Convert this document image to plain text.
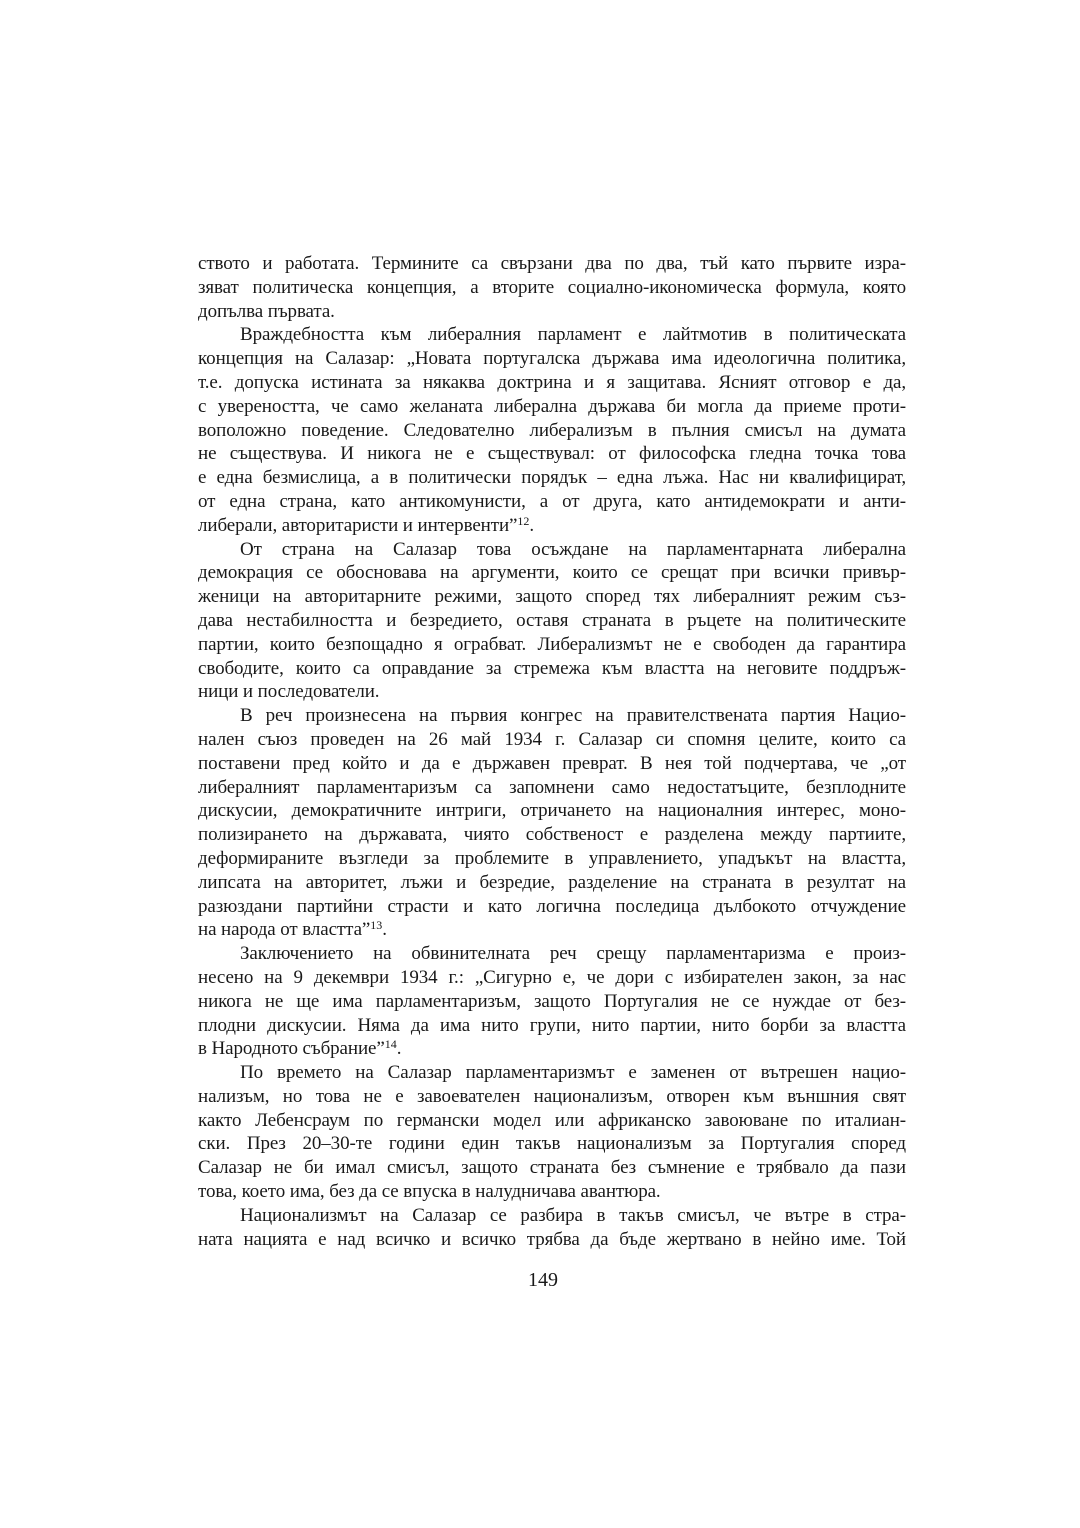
ството и работата. Термините са свързани два по два, тъй като първите изра-
зяват политическа концепция, а вторите социално-икономическа формула, която
допълва първата.
Враждебността към либералния парламент е лайтмотив в политическата
концепция на Салазар: „Новата португалска държава има идеологична политика,
т.е. допуска истината за някаква доктрина и я защитава. Ясният отговор е да,
с увереността, че само желаната либерална държава би могла да приеме проти-
воположно поведение. Следователно либерализъм в пълния смисъл на думата
не съществува. И никога не е съществувал: от философска гледна точка това
е една безмислица, а в политически порядък – една лъжа. Нас ни квалифицират,
от една страна, като антикомунисти, а от друга, като антидемократи и анти-
либерали, авторитаристи и интервенти”$^{12}$.
От страна на Салазар това осъждане на парламентарната либерална
демокрация се обосновава на аргументи, които се срещат при всички привър-
женици на авторитарните режими, защото според тях либералният режим съз-
дава нестабилността и безредието, оставя страната в ръцете на политическите
партии, които безпощадно я ограбват. Либерализмът не е свободен да гарантира
свободите, които са оправдание за стремежа към властта на неговите поддръж-
ници и последователи.
В реч произнесена на първия конгрес на правителствената партия Нацио-
нален съюз проведен на 26 май 1934 г. Салазар си спомня целите, които са
поставени пред който и да е държавен преврат. В нея той подчертава, че „от
либералният парламентаризъм са запомнени само недостатъците, безплодните
дискусии, демократичните интриги, отричането на националния интерес, моно-
полизирането на държавата, чиято собственост е разделена между партиите,
деформираните възгледи за проблемите в управлението, упадъкът на властта,
липсата на авторитет, лъжи и безредие, разделение на страната в резултат на
разюздани партийни страсти и като логична последица дълбокото отчуждение
на народа от властта”$^{13}$.
Заключението на обвинителната реч срещу парламентаризма е произ-
несено на 9 декември 1934 г.: „Сигурно е, че дори с избирателен закон, за нас
никога не ще има парламентаризъм, защото Португалия не се нуждае от без-
плодни дискусии. Няма да има нито групи, нито партии, нито борби за властта
в Народното събрание”$^{14}$.
По времето на Салазар парламентаризмът е заменен от вътрешен нацио-
нализъм, но това не е завоевателен национализъм, отворен към външния свят
както Лебенсраум по германски модел или африканско завоюване по италиан-
ски. През 20–30-те години един такъв национализъм за Португалия според
Салазар не би имал смисъл, защото страната без съмнение е трябвало да пази
това, което има, без да се впуска в налудничава авантюра.
Национализмът на Салазар се разбира в такъв смисъл, че вътре в стра-
ната нацията е над всичко и всичко трябва да бъде жертвано в нейно име. Той
149
